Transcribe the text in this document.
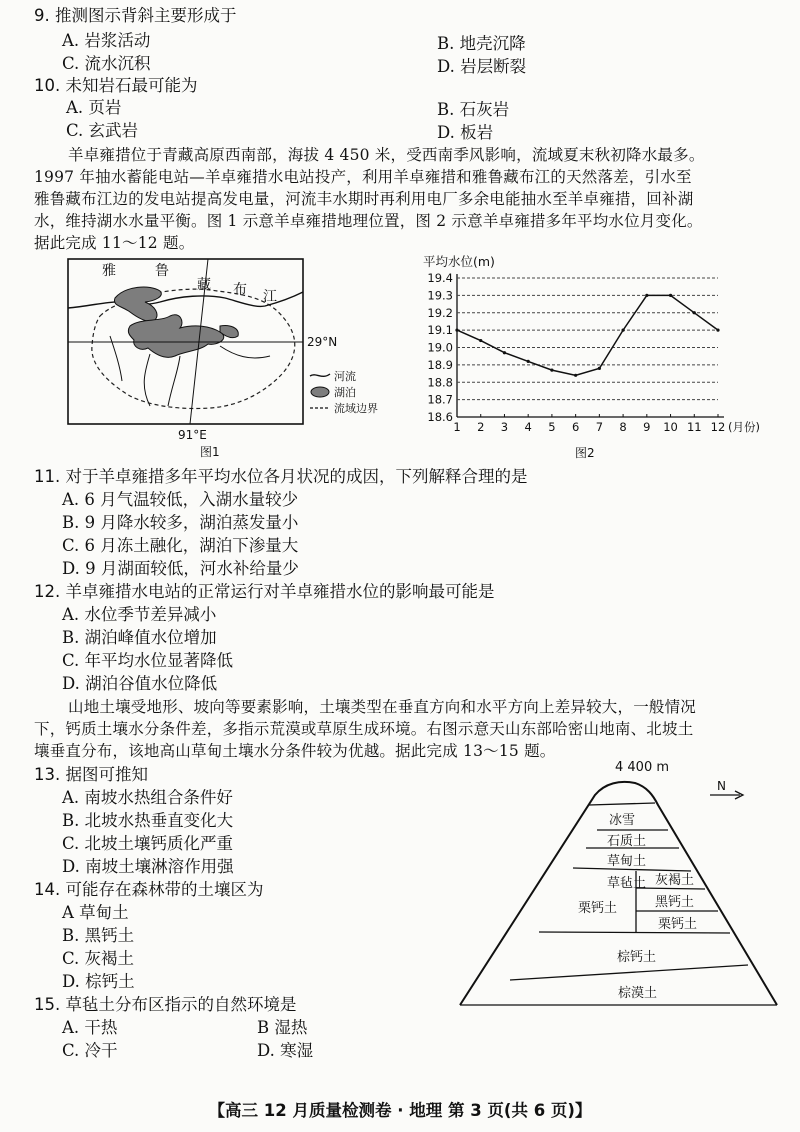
9. 推测图示背斜主要形成于
A. 岩浆活动	B. 地壳沉降
C. 流水沉积	D. 岩层断裂
10. 未知岩石最可能为
A. 页岩	B. 石灰岩
C. 玄武岩	D. 板岩
羊卓雍措位于青藏高原西南部，海拔 4 450 米，受西南季风影响，流域夏末秋初降水最多。
1997 年抽水蓄能电站—羊卓雍措水电站投产，利用羊卓雍措和雅鲁藏布江的天然落差，引水至
雅鲁藏布江边的发电站提高发电量，河流丰水期时再利用电厂多余电能抽水至羊卓雍措，回补湖
水，维持湖水水量平衡。图 1 示意羊卓雍措地理位置，图 2 示意羊卓雍措多年平均水位月变化。
据此完成 11～12 题。
雅	鲁
藏 布 江
29°N
91°E
河流
湖泊
流域边界
图1
平均水位(m)
18.6
18.7
18.8
18.9
19.0
19.1
19.2
19.3
19.4
1 2 3 4 5 6 7 8 9 10 11 12 (月份)
图2
11. 对于羊卓雍措多年平均水位各月状况的成因，下列解释合理的是
A. 6 月气温较低，入湖水量较少
B. 9 月降水较多，湖泊蒸发量小
C. 6 月冻土融化，湖泊下渗量大
D. 9 月湖面较低，河水补给量少
12. 羊卓雍措水电站的正常运行对羊卓雍措水位的影响最可能是
A. 水位季节差异减小
B. 湖泊峰值水位增加
C. 年平均水位显著降低
D. 湖泊谷值水位降低
山地土壤受地形、坡向等要素影响，土壤类型在垂直方向和水平方向上差异较大，一般情况
下，钙质土壤水分条件差，多指示荒漠或草原生成环境。右图示意天山东部哈密山地南、北坡土
壤垂直分布，该地高山草甸土壤水分条件较为优越。据此完成 13～15 题。
4 400 m
N
冰雪
石质土
草甸土
草毡土
栗钙土
灰褐土
黑钙土
栗钙土
棕钙土
棕漠土
13. 据图可推知
A. 南坡水热组合条件好
B. 北坡水热垂直变化大
C. 北坡土壤钙质化严重
D. 南坡土壤淋溶作用强
14. 可能存在森林带的土壤区为
A 草甸土
B. 黑钙土
C. 灰褐土
D. 棕钙土
15. 草毡土分布区指示的自然环境是
A. 干热	B 湿热
C. 冷干	D. 寒湿
【高三 12 月质量检测卷 · 地理 第 3 页(共 6 页)】
